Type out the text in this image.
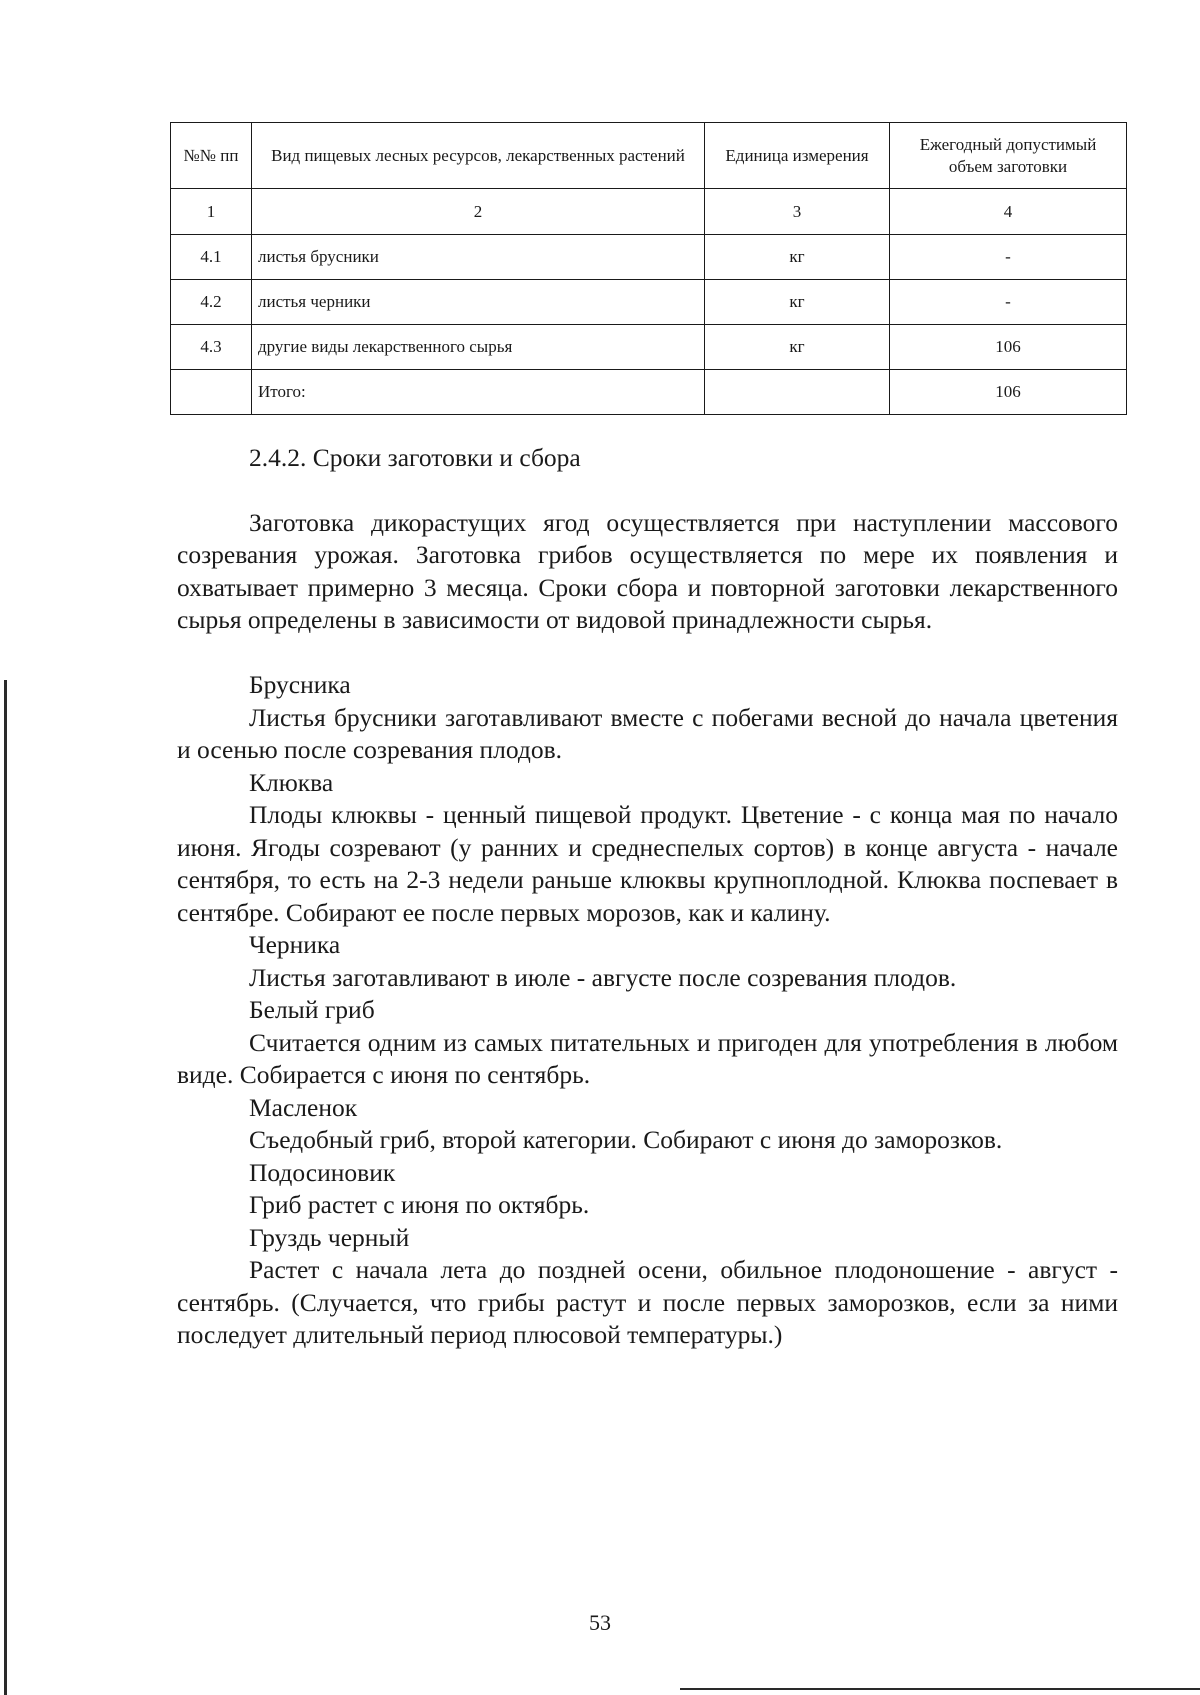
№№ пп	Вид пищевых лесных ресурсов, лекарственных растений	Единица измерения	Ежегодный допустимый объем заготовки
1	2	3	4
4.1	листья брусники	кг	-
4.2	листья черники	кг	-
4.3	другие виды лекарственного сырья	кг	106
	Итого:		106

2.4.2. Сроки заготовки и сбора

Заготовка дикорастущих ягод осуществляется при наступлении массового созревания урожая. Заготовка грибов осуществляется по мере их появления и охватывает примерно 3 месяца. Сроки сбора и повторной заготовки лекарственного сырья определены в зависимости от видовой принадлежности сырья.

Брусника

Листья брусники заготавливают вместе с побегами весной до начала цветения и осенью после созревания плодов.

Клюква

Плоды клюквы - ценный пищевой продукт. Цветение - с конца мая по начало июня. Ягоды созревают (у ранних и среднеспелых сортов) в конце августа - начале сентября, то есть на 2-3 недели раньше клюквы крупноплодной. Клюква поспевает в сентябре. Собирают ее после первых морозов, как и калину.

Черника

Листья заготавливают в июле - августе после созревания плодов.

Белый гриб

Считается одним из самых питательных и пригоден для употребления в любом виде. Собирается с июня по сентябрь.

Масленок

Съедобный гриб, второй категории. Собирают с июня до заморозков.

Подосиновик

Гриб растет с июня по октябрь.

Груздь черный

Растет с начала лета до поздней осени, обильное плодоношение - август - сентябрь. (Случается, что грибы растут и после первых заморозков, если за ними последует длительный период плюсовой температуры.)

53
